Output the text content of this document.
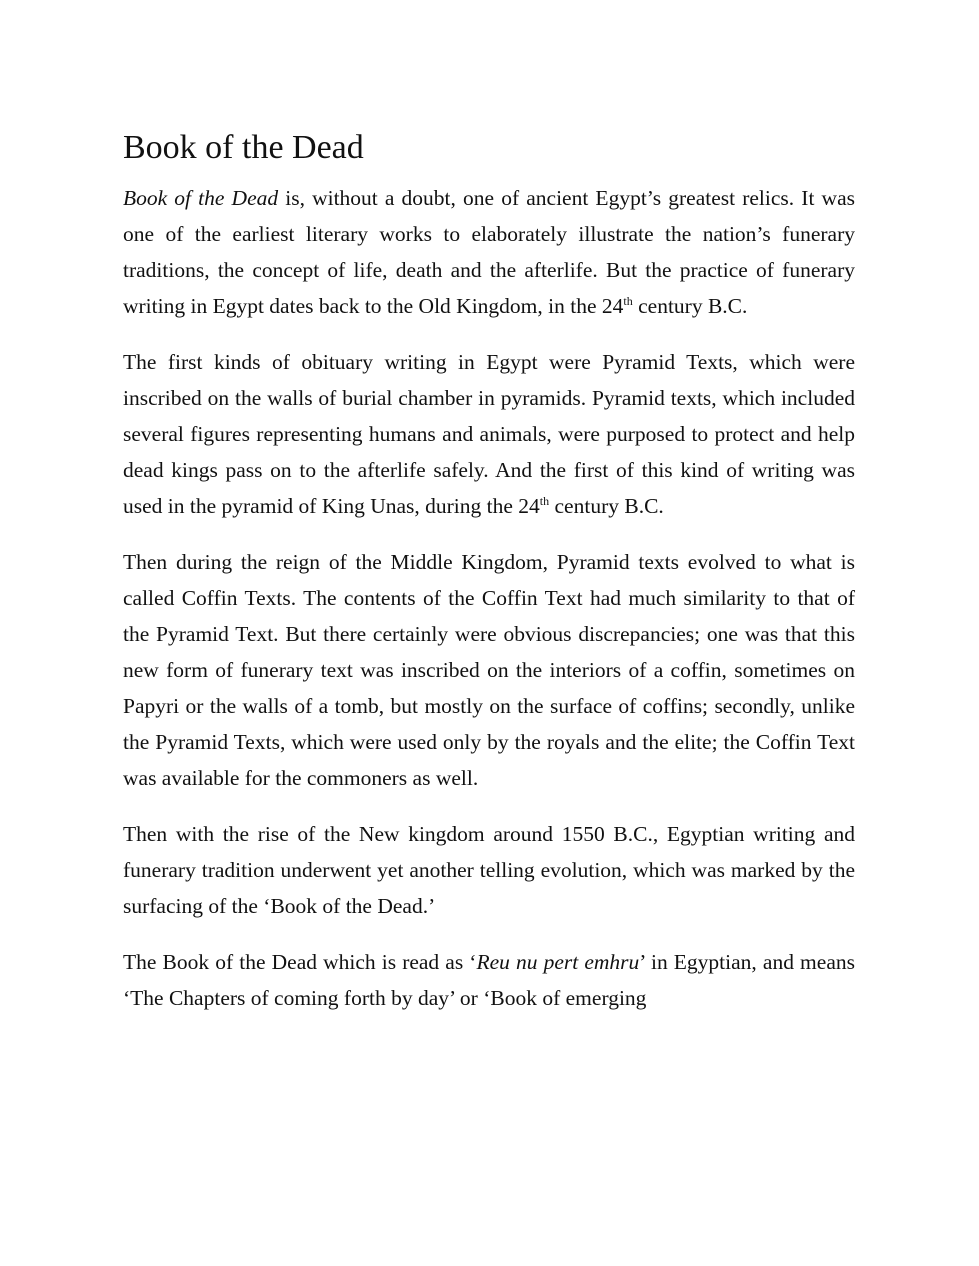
Book of the Dead

Book of the Dead is, without a doubt, one of ancient Egypt’s greatest relics. It was one of the earliest literary works to elaborately illustrate the nation’s funerary traditions, the concept of life, death and the afterlife. But the practice of funerary writing in Egypt dates back to the Old Kingdom, in the 24th century B.C.

The first kinds of obituary writing in Egypt were Pyramid Texts, which were inscribed on the walls of burial chamber in pyramids. Pyramid texts, which included several figures representing humans and animals, were purposed to protect and help dead kings pass on to the afterlife safely. And the first of this kind of writing was used in the pyramid of King Unas, during the 24th century B.C.

Then during the reign of the Middle Kingdom, Pyramid texts evolved to what is called Coffin Texts. The contents of the Coffin Text had much similarity to that of the Pyramid Text. But there certainly were obvious discrepancies; one was that this new form of funerary text was inscribed on the interiors of a coffin, sometimes on Papyri or the walls of a tomb, but mostly on the surface of coffins; secondly, unlike the Pyramid Texts, which were used only by the royals and the elite; the Coffin Text was available for the commoners as well.

Then with the rise of the New kingdom around 1550 B.C., Egyptian writing and funerary tradition underwent yet another telling evolution, which was marked by the surfacing of the ‘Book of the Dead.’

The Book of the Dead which is read as ‘Reu nu pert emhru’ in Egyptian, and means ‘The Chapters of coming forth by day’ or ‘Book of emerging
